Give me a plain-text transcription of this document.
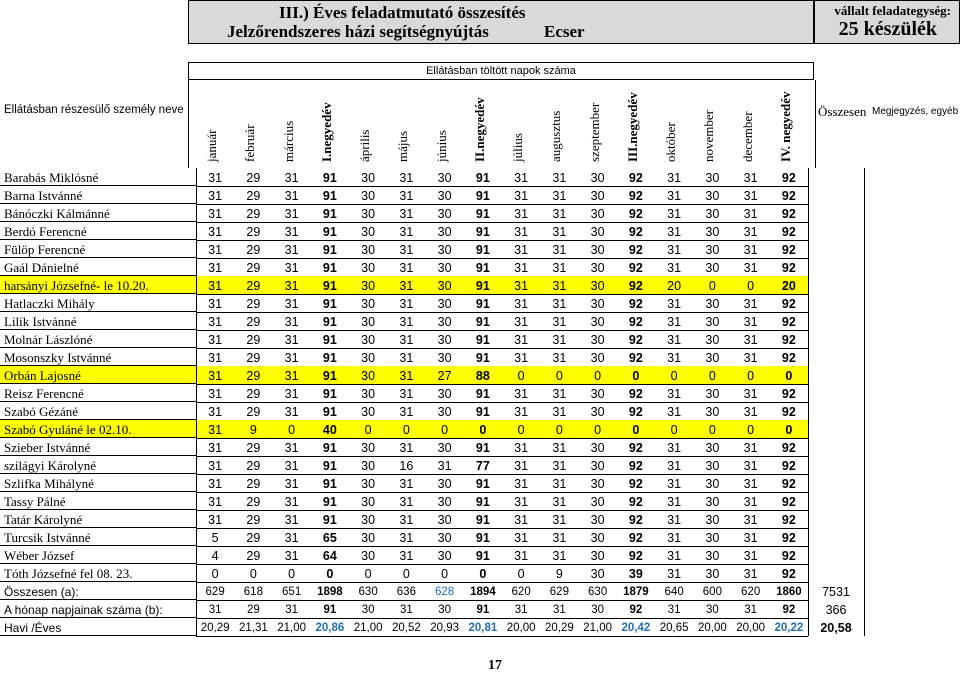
III.) Éves feladatmutató összesítés
Jelzőrendszeres házi segítségnyújtás	Ecser
vállalt feladategység:
25 készülék
Ellátásban töltött napok száma
Ellátásban részesülő személy neve	Összesen Megjegyzés, egyéb
január február március I.negyedév április május június II.negyedév július augusztus szeptember III.negyedév október november december IV. negyedév
Barabás Miklósné	31	29	31	91	30	31	30	91	31	31	30	92	31	30	31	92
Barna Istvánné	31	29	31	91	30	31	30	91	31	31	30	92	31	30	31	92
Bánóczki Kálmánné	31	29	31	91	30	31	30	91	31	31	30	92	31	30	31	92
Berdó Ferencné	31	29	31	91	30	31	30	91	31	31	30	92	31	30	31	92
Fülöp Ferencné	31	29	31	91	30	31	30	91	31	31	30	92	31	30	31	92
Gaál Dánielné	31	29	31	91	30	31	30	91	31	31	30	92	31	30	31	92
harsányi Józsefné- le 10.20.	31	29	31	91	30	31	30	91	31	31	30	92	20	0	0	20
Hatlaczki Mihály	31	29	31	91	30	31	30	91	31	31	30	92	31	30	31	92
Lilik Istvánné	31	29	31	91	30	31	30	91	31	31	30	92	31	30	31	92
Molnár Lászlóné	31	29	31	91	30	31	30	91	31	31	30	92	31	30	31	92
Mosonszky Istvánné	31	29	31	91	30	31	30	91	31	31	30	92	31	30	31	92
Orbán Lajosné	31	29	31	91	30	31	27	88	0	0	0	0	0	0	0	0
Reisz Ferencné	31	29	31	91	30	31	30	91	31	31	30	92	31	30	31	92
Szabó Gézáné	31	29	31	91	30	31	30	91	31	31	30	92	31	30	31	92
Szabó Gyuláné le 02.10.	31	9	0	40	0	0	0	0	0	0	0	0	0	0	0	0
Szieber Istvánné	31	29	31	91	30	31	30	91	31	31	30	92	31	30	31	92
szilágyi Károlyné	31	29	31	91	30	16	31	77	31	31	30	92	31	30	31	92
Szlifka Mihályné	31	29	31	91	30	31	30	91	31	31	30	92	31	30	31	92
Tassy Pálné	31	29	31	91	30	31	30	91	31	31	30	92	31	30	31	92
Tatár Károlyné	31	29	31	91	30	31	30	91	31	31	30	92	31	30	31	92
Turcsik Istvánné	5	29	31	65	30	31	30	91	31	31	30	92	31	30	31	92
Wéber József	4	29	31	64	30	31	30	91	31	31	30	92	31	30	31	92
Tóth Józsefné fel 08. 23.	0	0	0	0	0	0	0	0	0	9	30	39	31	30	31	92
Összesen (a):	629	618	651	1898	630	636	628	1894	620	629	630	1879	640	600	620	1860	7531
A hónap napjainak száma (b):	31	29	31	91	30	31	30	91	31	31	30	92	31	30	31	92	366
Havi /Éves	20,29 21,31 21,00 20,86 21,00 20,52 20,93 20,81 20,00 20,29 21,00 20,42 20,65 20,00 20,00 20,22	20,58
17
